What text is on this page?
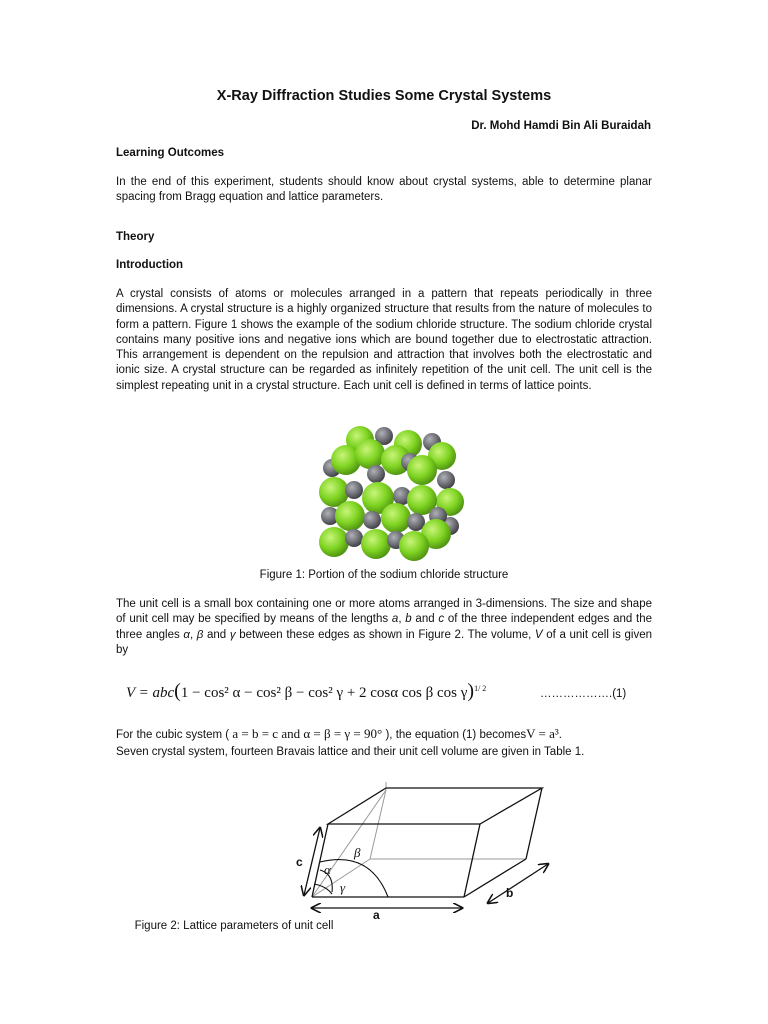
X-Ray Diffraction Studies Some Crystal Systems
Dr. Mohd Hamdi Bin Ali Buraidah
Learning Outcomes

In the end of this experiment, students should know about crystal systems, able to determine planar spacing from Bragg equation and lattice parameters.

Theory
Introduction

A crystal consists of atoms or molecules arranged in a pattern that repeats periodically in three dimensions. A crystal structure is a highly organized structure that results from the nature of molecules to form a pattern. Figure 1 shows the example of the sodium chloride structure. The sodium chloride crystal contains many positive ions and negative ions which are bound together due to electrostatic attraction. This arrangement is dependent on the repulsion and attraction that involves both the electrostatic and ionic size. A crystal structure can be regarded as infinitely repetition of the unit cell. The unit cell is the simplest repeating unit in a crystal structure. Each unit cell is defined in terms of lattice points.

Figure 1: Portion of the sodium chloride structure

The unit cell is a small box containing one or more atoms arranged in 3-dimensions. The size and shape of unit cell may be specified by means of the lengths a, b and c of the three independent edges and the three angles α, β and γ between these edges as shown in Figure 2. The volume, V of a unit cell is given by

V = abc(1 − cos² α − cos² β − cos² γ + 2 cosα cos β cos γ)$^{1/ 2}$	……………….(1)

For the cubic system ( a = b = c and α = β = γ = 90° ), the equation (1) becomesV = a³.

Seven crystal system, fourteen Bravais lattice and their unit cell volume are given in Table 1.

c
a
b
β
α
γ
Figure 2: Lattice parameters of unit cell
